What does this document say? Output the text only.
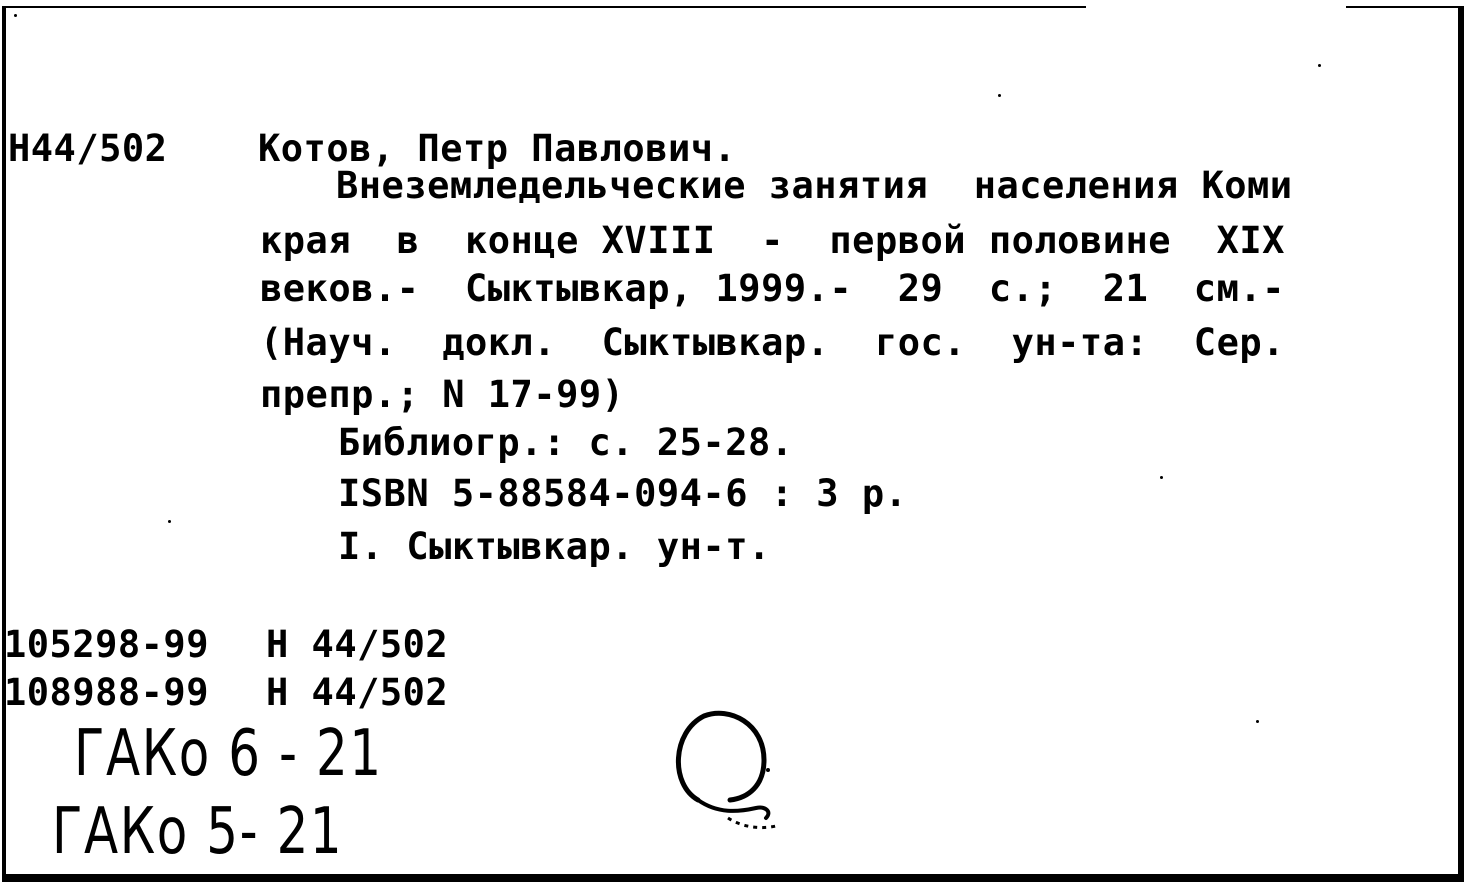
Н44/502 Котов, Петр Павлович.
Внеземледельческие занятия  населения Коми
края  в  конце XVIII  -  первой половине  XIX
веков.-  Сыктывкар, 1999.-  29  с.;  21  см.-
(Науч.  докл.  Сыктывкар.  гос.  ун-та:  Сер.
препр.; N 17-99)
Библиогр.: с. 25-28.
ISBN 5-88584-094-6 : 3 р.
I. Сыктывкар. ун-т.
105298-99 Н 44/502
108988-99 Н 44/502
ГАКо 6 - 21
ГАКо 5- 21
